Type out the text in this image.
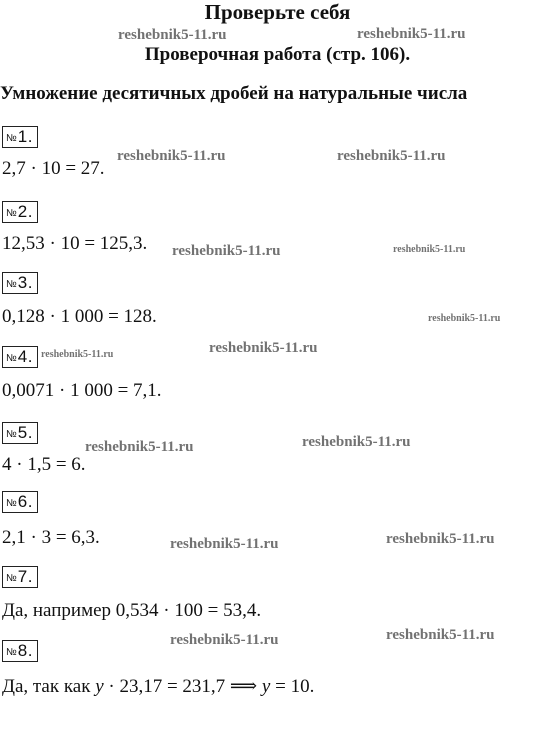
Проверьте себя
Проверочная работа (стр. 106).
Умножение десятичных дробей на натуральные числа
№1.
2,7 · 10 = 27.
№2.
12,53 · 10 = 125,3.
№3.
0,128 · 1 000 = 128.
№4.
0,0071 · 1 000 = 7,1.
№5.
4 · 1,5 = 6.
№6.
2,1 · 3 = 6,3.
№7.
Да, например 0,534 · 100 = 53,4.
№8.
Да, так как y · 23,17 = 231,7 ⟹ y = 10.
reshebnik5-11.ru	reshebnik5-11.ru
reshebnik5-11.ru	reshebnik5-11.ru
reshebnik5-11.ru	reshebnik5-11.ru
reshebnik5-11.ru
reshebnik5-11.ru	reshebnik5-11.ru
reshebnik5-11.ru	reshebnik5-11.ru
reshebnik5-11.ru	reshebnik5-11.ru
reshebnik5-11.ru	reshebnik5-11.ru
